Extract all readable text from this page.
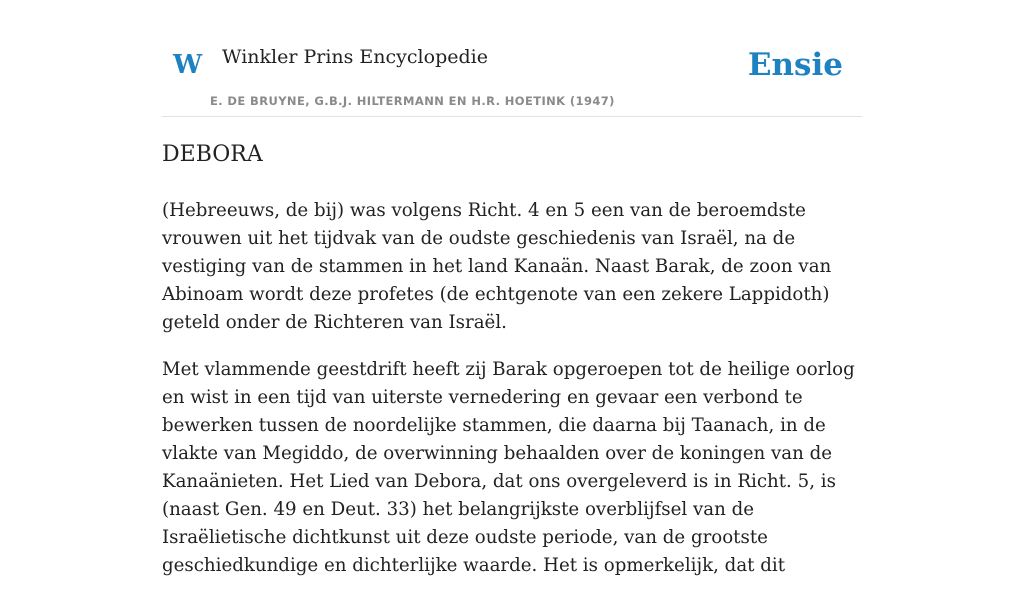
W Winkler Prins Encyclopedie
E. DE BRUYNE, G.B.J. HILTERMANN EN H.R. HOETINK (1947)
Ensie
DEBORA

(Hebreeuws, de bij) was volgens Richt. 4 en 5 een van de beroemdste vrouwen uit het tijdvak van de oudste geschiedenis van Israël, na de vestiging van de stammen in het land Kanaän. Naast Barak, de zoon van Abinoam wordt deze profetes (de echtgenote van een zekere Lappidoth) geteld onder de Richteren van Israël.

Met vlammende geestdrift heeft zij Barak opgeroepen tot de heilige oorlog en wist in een tijd van uiterste vernedering en gevaar een verbond te bewerken tussen de noordelijke stammen, die daarna bij Taanach, in de vlakte van Megiddo, de overwinning behaalden over de koningen van de Kanaänieten. Het Lied van Debora, dat ons overgeleverd is in Richt. 5, is (naast Gen. 49 en Deut. 33) het belangrijkste overblijfsel van de Israëlietische dichtkunst uit deze oudste periode, van de grootste geschiedkundige en dichterlijke waarde. Het is opmerkelijk, dat dit
